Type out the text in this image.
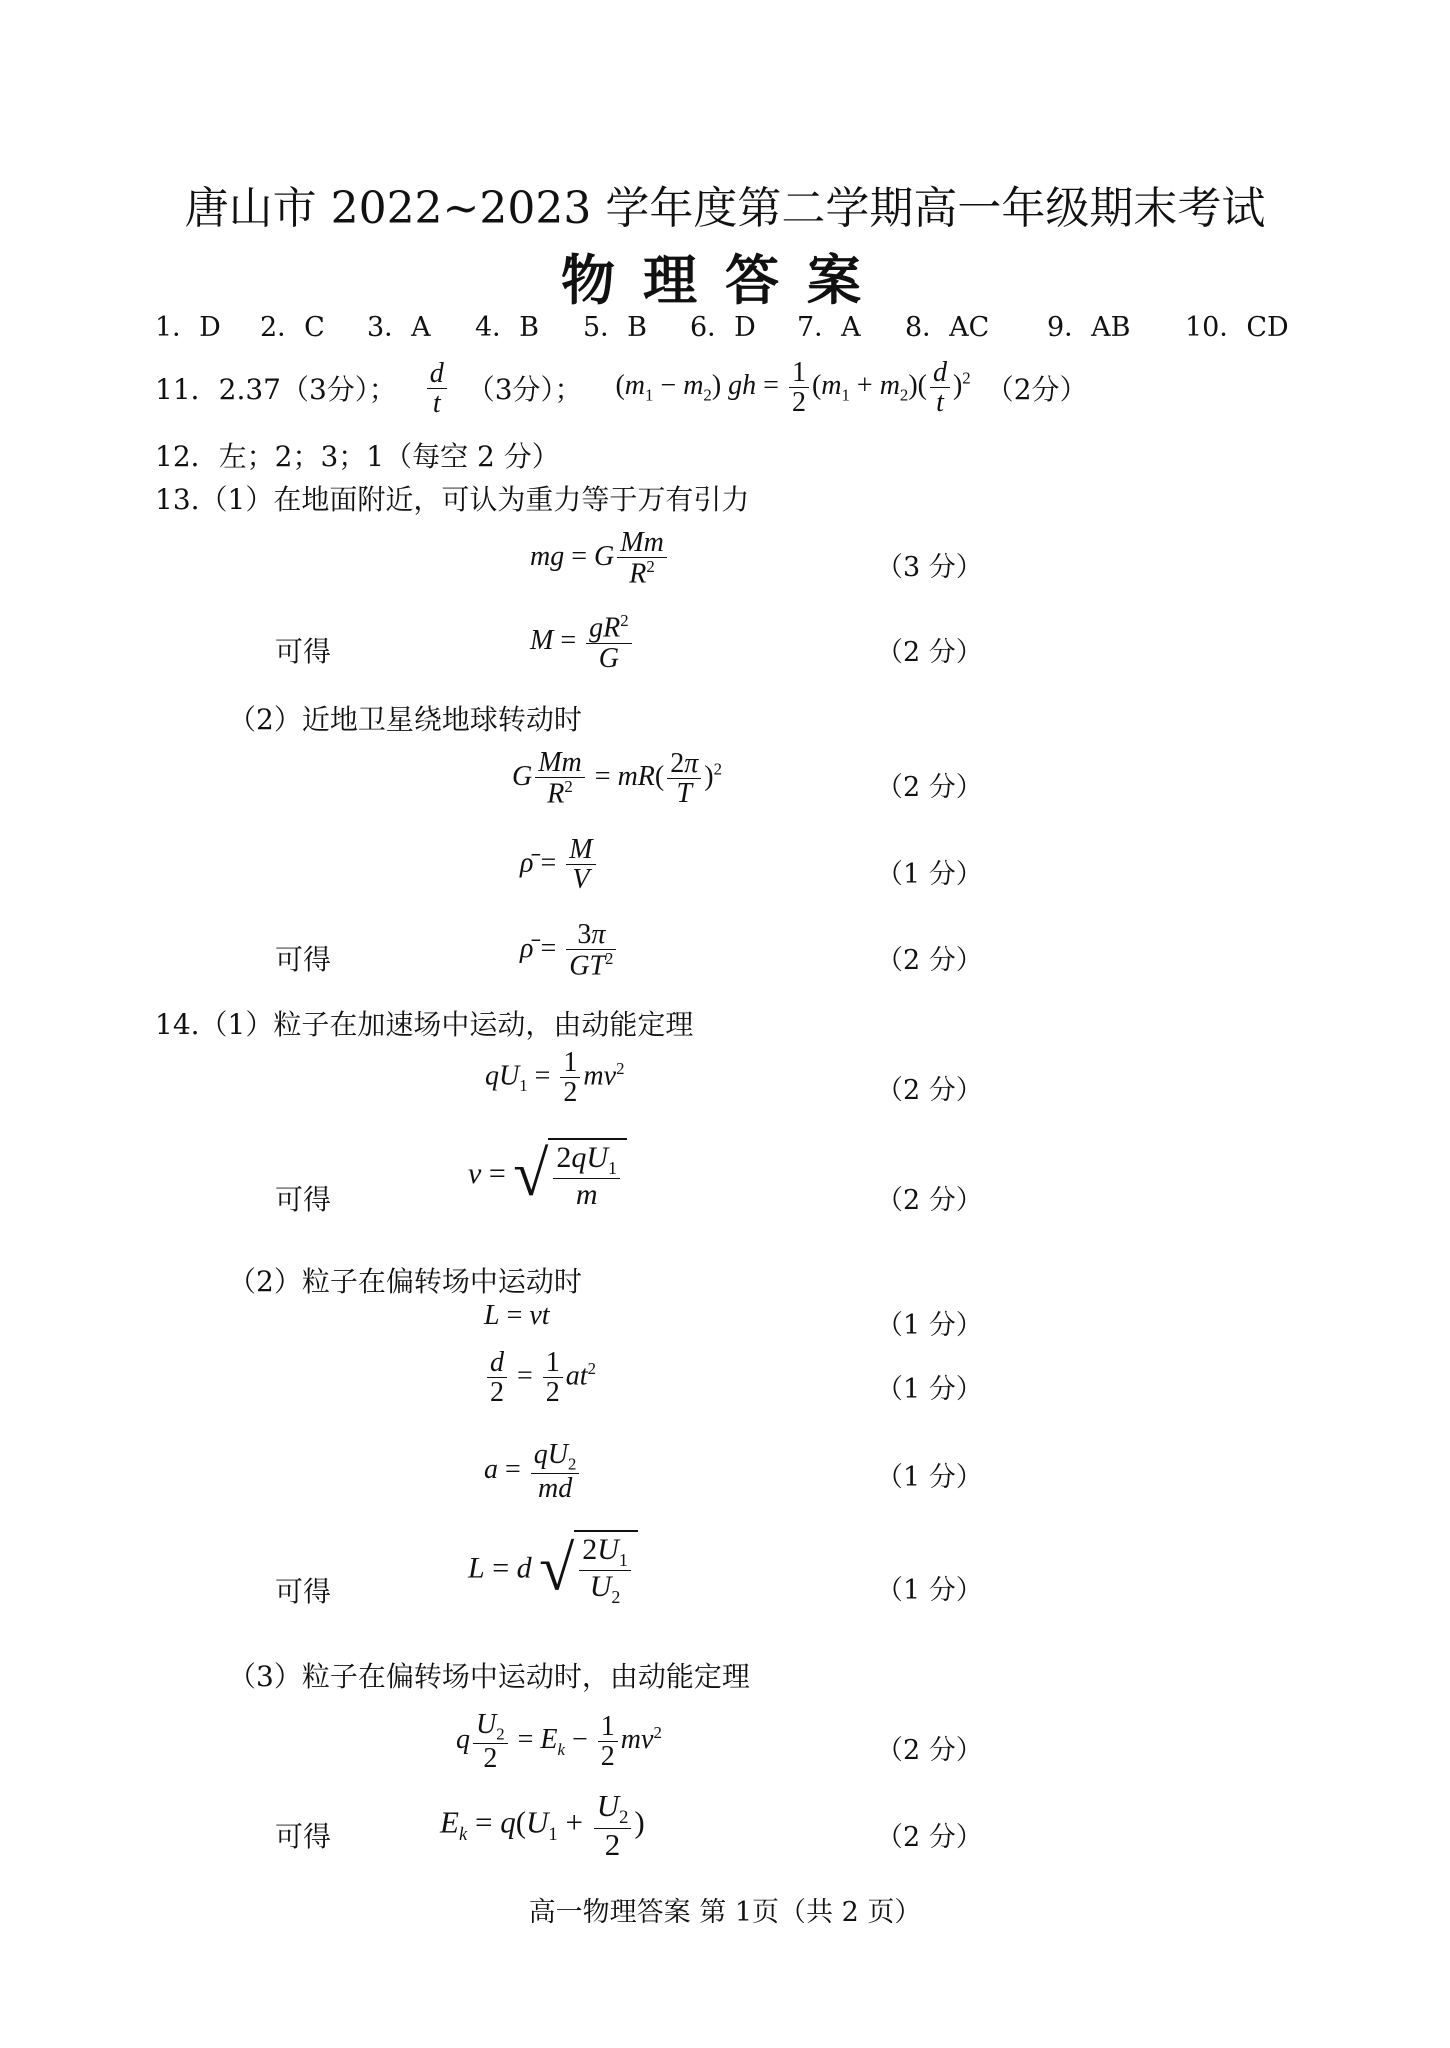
唐山市 2022~2023 学年度第二学期高一年级期末考试
物理答案
1．D 2．C 3．A 4．B 5．B 6．D 7．A 8．AC 9．AB 10．CD
11．2.37（3分）； $\frac{d}{t} (3$分）； $(m_1 - m_2)$ gh = $\frac{1}{2} (m_1 + m_2)( \frac{d}{t} )^2$ （2分）
12．左；2；3；1（每空 2 分）
13.（1）在地面附近，可认为重力等于万有引力
mg = G $\frac{Mm}{R^2}$	（3 分）
可得	$M = \frac{gR^2}{G}$	（2 分）
（2）近地卫星绕地球转动时
G $\frac{Mm}{R^2} = mR( \frac{2\pi}{T} )^2$
（2 分）
ρ̄ = $\frac{M}{V}$	（1 分）
可得	ρ̄ = $\frac{3\pi}{GT^2}$	（2 分）
14.（1）粒子在加速场中运动，由动能定理
$qU_1 = \frac{1}{2} mv^2$
（2 分）
可得
v = √ $\frac{2qU_1}{m}$	（2 分）
（2）粒子在偏转场中运动时
L = vt	（1 分）
$\frac{d}{2} = \frac{1}{2} at^2$
（1 分）
$a = \frac{qU_2}{md}$	（1 分）
可得
L = d √ $\frac{2U_1}{U_2}$	（1 分）
（3）粒子在偏转场中运动时，由动能定理
q $\frac{U_2}{2} = E_k - \frac{1}{2} mv^2$
（2 分）
可得	$E_k = q(U_1 + \frac{U_2}{2}$ )	（2 分）
高一物理答案 第 1页（共 2 页）
